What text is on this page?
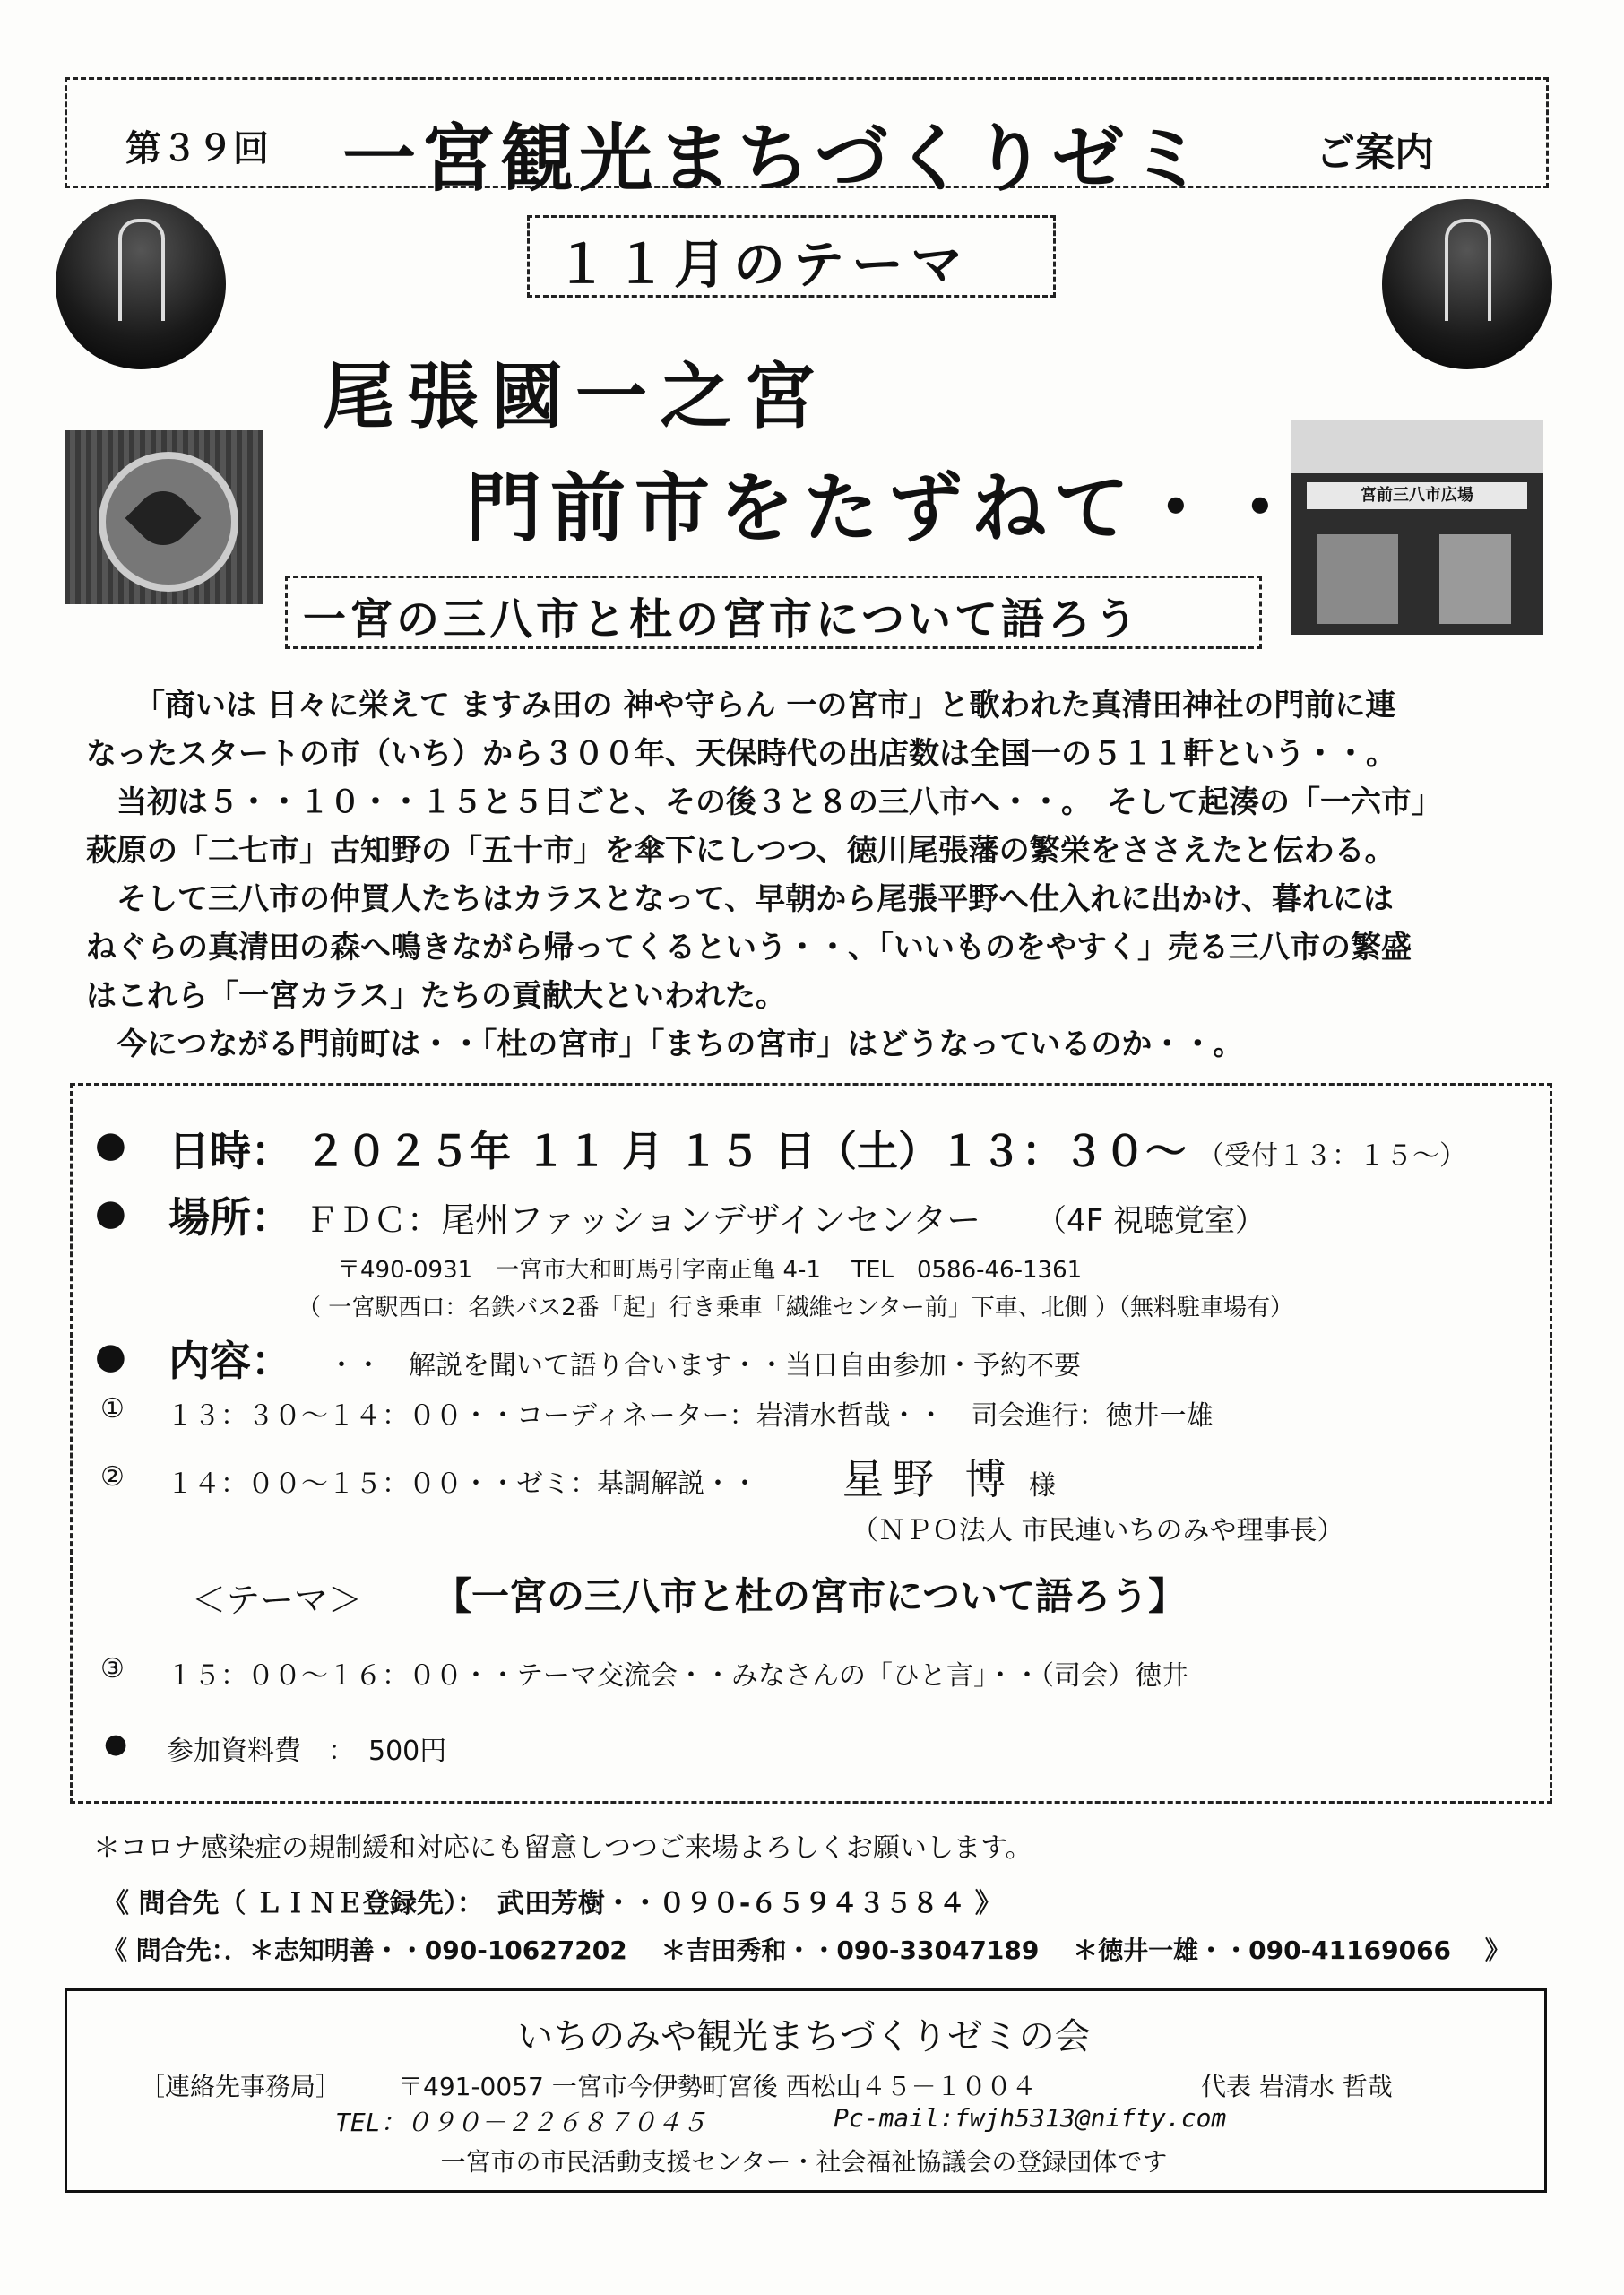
第３９回 一宮観光まちづくりゼミ	ご案内
１１月のテーマ
宮前三八市広場
尾張國一之宮
門前市をたずねて・・
一宮の三八市と杜の宮市について語ろう
「商いは 日々に栄えて ますみ田の 神や守らん 一の宮市」と歌われた真清田神社の門前に連
なったスタートの市（いち）から３００年、天保時代の出店数は全国一の５１１軒という・・。
　当初は５・・１０・・１５と５日ごと、その後３と８の三八市へ・・。　そして起湊の「一六市」
萩原の「二七市」古知野の「五十市」を傘下にしつつ、徳川尾張藩の繁栄をささえたと伝わる。
　そして三八市の仲買人たちはカラスとなって、早朝から尾張平野へ仕入れに出かけ、暮れには
ねぐらの真清田の森へ鳴きながら帰ってくるという・・、「いいものをやすく」売る三八市の繁盛
はこれら「一宮カラス」たちの貢献大といわれた。
　今につながる門前町は・・「杜の宮市」「まちの宮市」はどうなっているのか・・。
● 日時： ２０２５年 １１ 月 １５ 日（土）１３：３０～ （受付１３：１５～）
● 場所： ＦＤＣ：尾州ファッションデザインセンター （4F 視聴覚室）
〒490-0931　一宮市大和町馬引字南正亀 4-1　 TEL　0586-46-1361
（ 一宮駅西口：名鉄バス2番「起」行き乗車「繊維センター前」下車、北側 ）（無料駐車場有）
● 内容： ・・　解説を聞いて語り合います・・当日自由参加・予約不要
① １３：３０～１４：００・・コーディネーター：岩清水哲哉・・　司会進行：徳井一雄
② １４：００～１５：００・・ゼミ：基調解説・・ 星野 博 様
（ＮＰＯ法人 市民連いちのみや理事長）
＜テーマ＞ 【一宮の三八市と杜の宮市について語ろう】
③ １５：００～１６：００・・テーマ交流会・・みなさんの「ひと言」・・（司会）徳井
● 参加資料費　：　500円
＊コロナ感染症の規制緩和対応にも留意しつつご来場よろしくお願いします。
《 問合先（ ＬＩＮＥ登録先）：　武田芳樹・・０９０-６５９４３５８４ 》
《 問合先：．＊志知明善・・090-10627202　 ＊吉田秀和・・090-33047189　 ＊徳井一雄・・090-41169066　 》
いちのみや観光まちづくりゼミの会
［連絡先事務局］ 〒491-0057 一宮市今伊勢町宮後 西松山４５－１００４	代表 岩清水 哲哉
TEL：０９０－２２６８７０４５	Pc-mail:fwjh5313@nifty.com
一宮市の市民活動支援センター・社会福祉協議会の登録団体です
